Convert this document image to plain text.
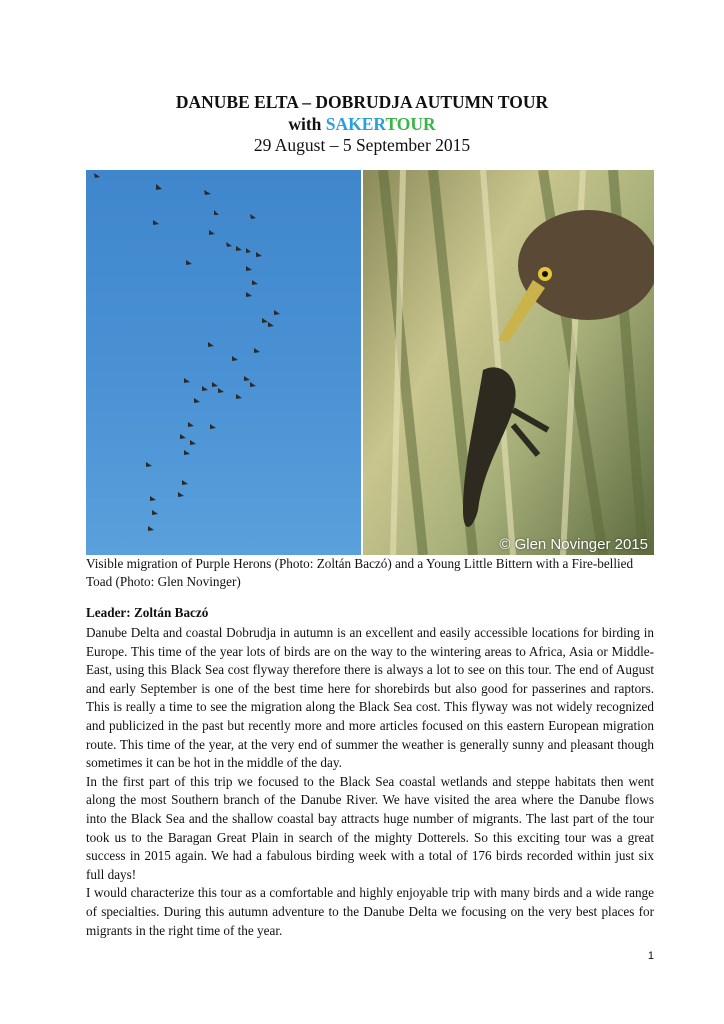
DANUBE ELTA – DOBRUDJA AUTUMN TOUR
with SAKERTOUR
29 August – 5 September 2015
© Glen Novinger 2015
Visible migration of Purple Herons (Photo: Zoltán Baczó) and a Young Little Bittern with a Fire-bellied Toad (Photo: Glen Novinger)
Leader: Zoltán Baczó

Danube Delta and coastal Dobrudja in autumn is an excellent and easily accessible locations for birding in Europe. This time of the year lots of birds are on the way to the wintering areas to Africa, Asia or Middle-East, using this Black Sea cost flyway therefore there is always a lot to see on this tour. The end of August and early September is one of the best time here for shorebirds but also good for passerines and raptors. This is really a time to see the migration along the Black Sea cost. This flyway was not widely recognized and publicized in the past but recently more and more articles focused on this eastern European migration route. This time of the year, at the very end of summer the weather is generally sunny and pleasant though sometimes it can be hot in the middle of the day.

In the first part of this trip we focused to the Black Sea coastal wetlands and steppe habitats then went along the most Southern branch of the Danube River. We have visited the area where the Danube flows into the Black Sea and the shallow coastal bay attracts huge number of migrants. The last part of the tour took us to the Baragan Great Plain in search of the mighty Dotterels. So this exciting tour was a great success in 2015 again. We had a fabulous birding week with a total of 176 birds recorded within just six full days!

I would characterize this tour as a comfortable and highly enjoyable trip with many birds and a wide range of specialties. During this autumn adventure to the Danube Delta we focusing on the very best places for migrants in the right time of the year.

1
